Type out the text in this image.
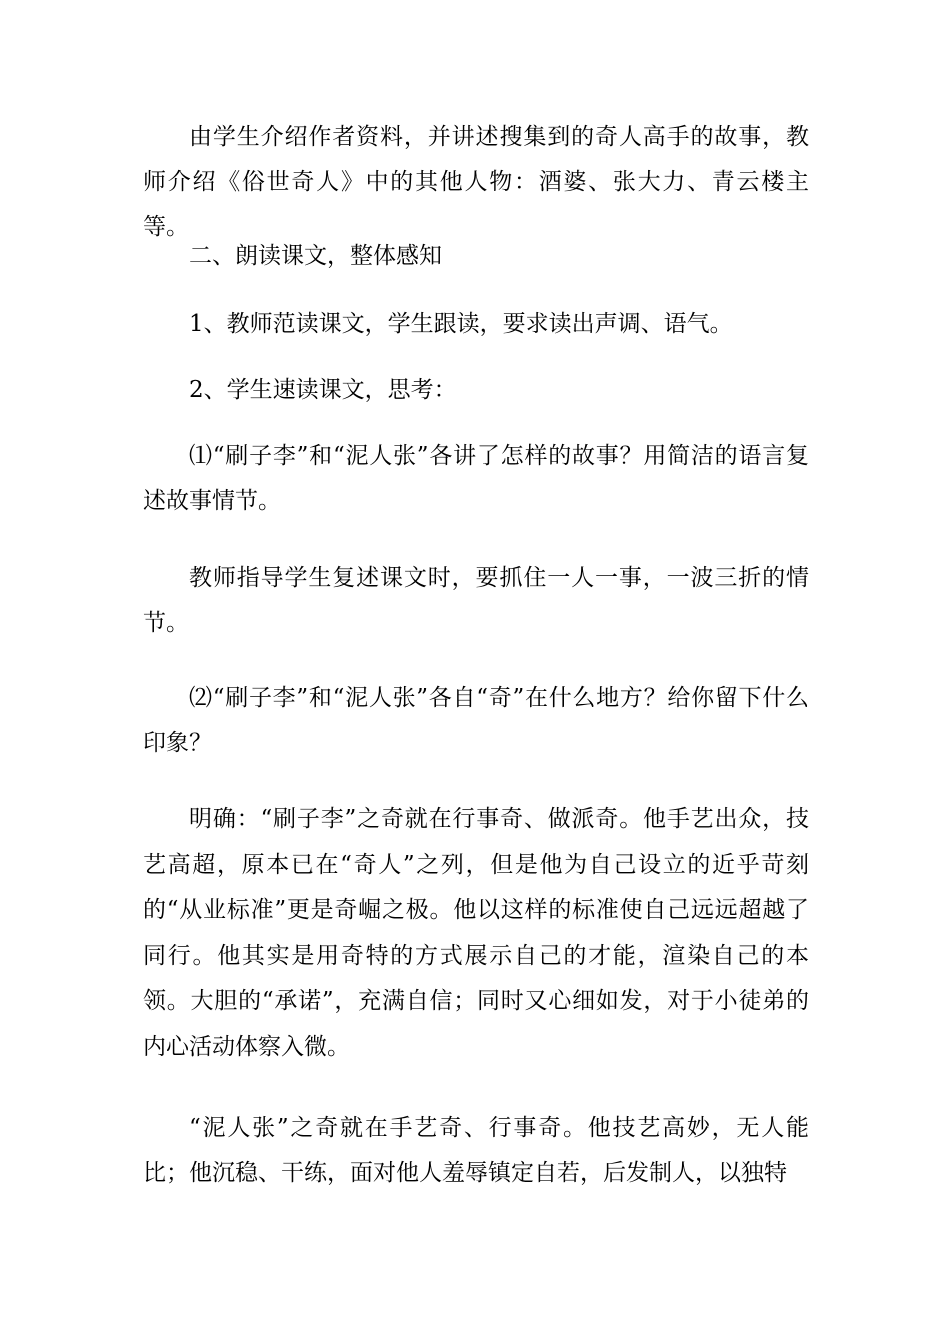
由学生介绍作者资料，并讲述搜集到的奇人高手的故事，教师介绍《俗世奇人》中的其他人物：酒婆、张大力、青云楼主等。

二、朗读课文，整体感知

1、教师范读课文，学生跟读，要求读出声调、语气。

2、学生速读课文，思考：

⑴“刷子李”和“泥人张”各讲了怎样的故事？用简洁的语言复述故事情节。

教师指导学生复述课文时，要抓住一人一事，一波三折的情节。

⑵“刷子李”和“泥人张”各自“奇”在什么地方？给你留下什么印象？

明确：“刷子李”之奇就在行事奇、做派奇。他手艺出众，技艺高超，原本已在“奇人”之列，但是他为自己设立的近乎苛刻的“从业标准”更是奇崛之极。他以这样的标准使自己远远超越了同行。他其实是用奇特的方式展示自己的才能，渲染自己的本领。大胆的“承诺”，充满自信；同时又心细如发，对于小徒弟的内心活动体察入微。

“泥人张”之奇就在手艺奇、行事奇。他技艺高妙，无人能比；他沉稳、干练，面对他人羞辱镇定自若，后发制人，以独特
